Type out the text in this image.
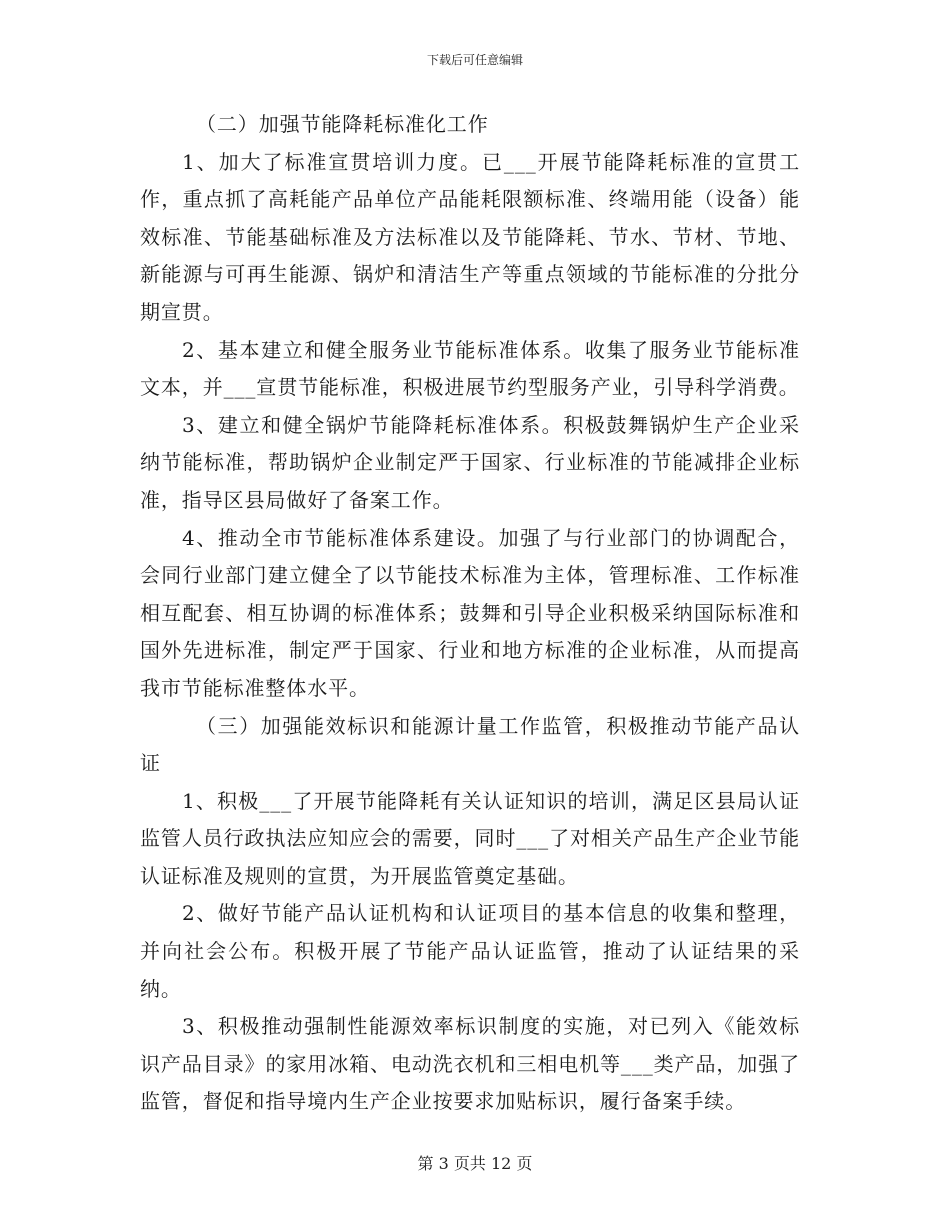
下载后可任意编辑

（二）加强节能降耗标准化工作

1、加大了标准宣贯培训力度。已___开展节能降耗标准的宣贯工作，重点抓了高耗能产品单位产品能耗限额标准、终端用能（设备）能效标准、节能基础标准及方法标准以及节能降耗、节水、节材、节地、新能源与可再生能源、锅炉和清洁生产等重点领域的节能标准的分批分期宣贯。

2、基本建立和健全服务业节能标准体系。收集了服务业节能标准文本，并___宣贯节能标准，积极进展节约型服务产业，引导科学消费。

3、建立和健全锅炉节能降耗标准体系。积极鼓舞锅炉生产企业采纳节能标准，帮助锅炉企业制定严于国家、行业标准的节能减排企业标准，指导区县局做好了备案工作。

4、推动全市节能标准体系建设。加强了与行业部门的协调配合，会同行业部门建立健全了以节能技术标准为主体，管理标准、工作标准相互配套、相互协调的标准体系；鼓舞和引导企业积极采纳国际标准和国外先进标准，制定严于国家、行业和地方标准的企业标准，从而提高我市节能标准整体水平。

（三）加强能效标识和能源计量工作监管，积极推动节能产品认证

1、积极___了开展节能降耗有关认证知识的培训，满足区县局认证监管人员行政执法应知应会的需要，同时___了对相关产品生产企业节能认证标准及规则的宣贯，为开展监管奠定基础。

2、做好节能产品认证机构和认证项目的基本信息的收集和整理，并向社会公布。积极开展了节能产品认证监管，推动了认证结果的采纳。

3、积极推动强制性能源效率标识制度的实施，对已列入《能效标识产品目录》的家用冰箱、电动洗衣机和三相电机等___类产品，加强了监管，督促和指导境内生产企业按要求加贴标识，履行备案手续。

第 3 页共 12 页
